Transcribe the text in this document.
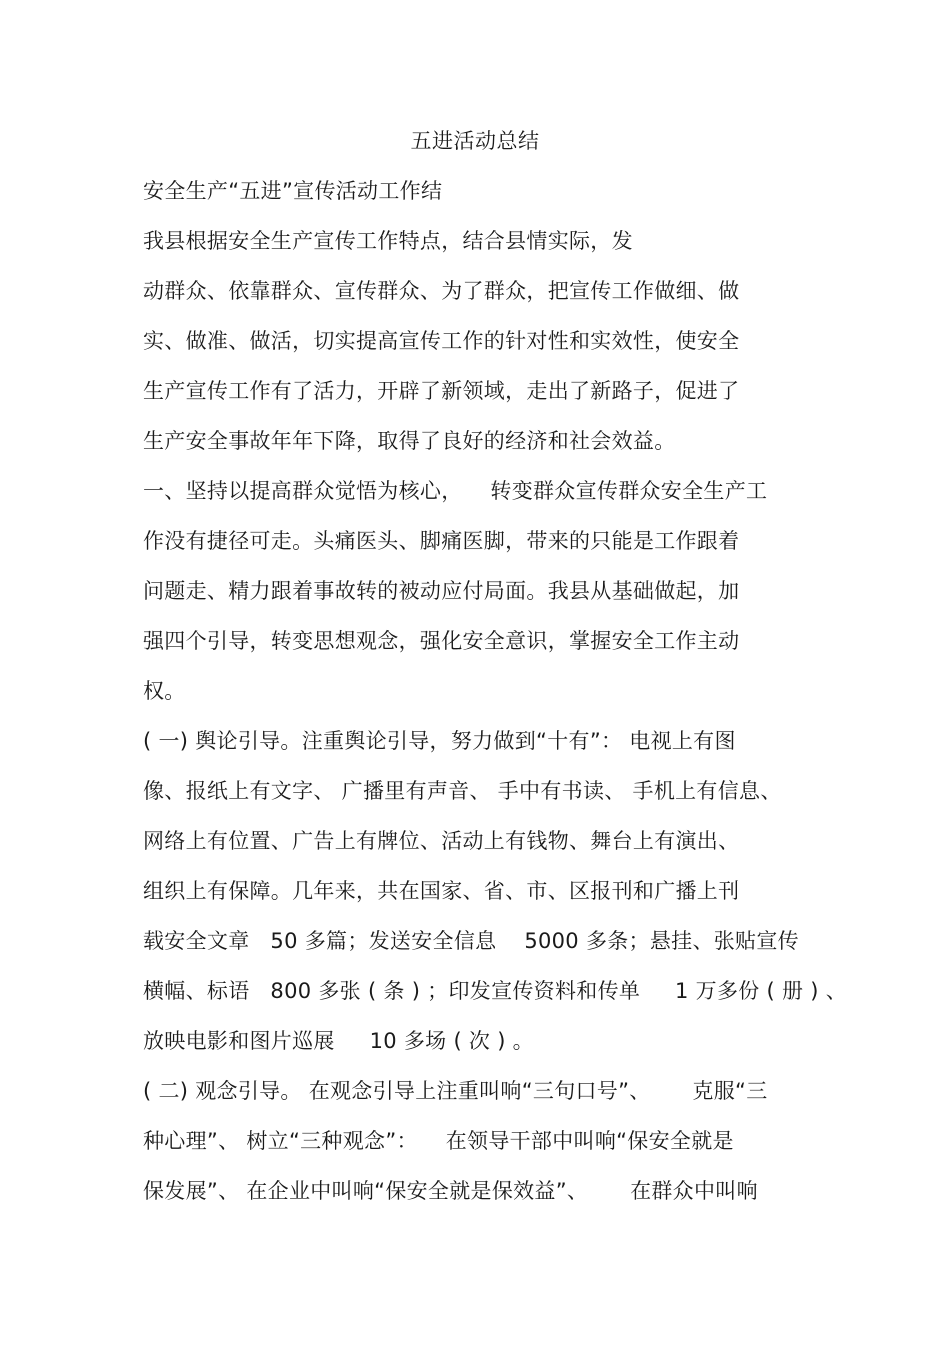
五进活动总结
安全生产“五进”宣传活动工作结
我县根据安全生产宣传工作特点，结合县情实际，发
动群众、依靠群众、宣传群众、为了群众，把宣传工作做细、做
实、做准、做活，切实提高宣传工作的针对性和实效性，使安全
生产宣传工作有了活力，开辟了新领域，走出了新路子，促进了
生产安全事故年年下降，取得了良好的经济和社会效益。
一、坚持以提高群众觉悟为核心，    转变群众宣传群众安全生产工
作没有捷径可走。头痛医头、脚痛医脚，带来的只能是工作跟着
问题走、精力跟着事故转的被动应付局面。我县从基础做起，加
强四个引导，转变思想观念，强化安全意识，掌握安全工作主动
权。
( 一) 舆论引导。注重舆论引导，努力做到“十有”： 电视上有图
像、报纸上有文字、 广播里有声音、 手中有书读、 手机上有信息、
网络上有位置、广告上有牌位、活动上有钱物、舞台上有演出、
组织上有保障。几年来，共在国家、省、市、区报刊和广播上刊
载安全文章   50 多篇；发送安全信息    5000 多条；悬挂、张贴宣传
横幅、标语   800 多张 ( 条 ) ；印发宣传资料和传单     1 万多份 ( 册 ) 、
放映电影和图片巡展     10 多场 ( 次 ) 。
( 二) 观念引导。 在观念引导上注重叫响“三句口号”、      克服“三
种心理”、 树立“三种观念”：    在领导干部中叫响“保安全就是
保发展”、 在企业中叫响“保安全就是保效益”、      在群众中叫响
